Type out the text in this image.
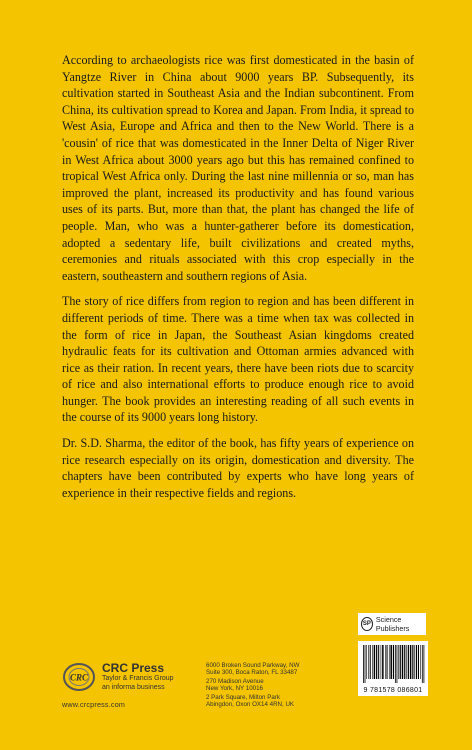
According to archaeologists rice was first domesticated in the basin of Yangtze River in China about 9000 years BP. Subsequently, its cultivation started in Southeast Asia and the Indian subcontinent. From China, its cultivation spread to Korea and Japan. From India, it spread to West Asia, Europe and Africa and then to the New World. There is a 'cousin' of rice that was domesticated in the Inner Delta of Niger River in West Africa about 3000 years ago but this has remained confined to tropical West Africa only. During the last nine millennia or so, man has improved the plant, increased its productivity and has found various uses of its parts. But, more than that, the plant has changed the life of people. Man, who was a hunter-gatherer before its domestication, adopted a sedentary life, built civilizations and created myths, ceremonies and rituals associated with this crop especially in the eastern, southeastern and southern regions of Asia.

The story of rice differs from region to region and has been different in different periods of time. There was a time when tax was collected in the form of rice in Japan, the Southeast Asian kingdoms created hydraulic feats for its cultivation and Ottoman armies advanced with rice as their ration. In recent years, there have been riots due to scarcity of rice and also international efforts to produce enough rice to avoid hunger. The book provides an interesting reading of all such events in the course of its 9000 years long history.

Dr. S.D. Sharma, the editor of the book, has fifty years of experience on rice research especially on its origin, domestication and diversity. The chapters have been contributed by experts who have long years of experience in their respective fields and regions.

SP Science Publishers
9 781578 086801
CRC
CRC Press
Taylor & Francis Group
an informa business
www.crcpress.com
6000 Broken Sound Parkway, NW
Suite 300, Boca Raton, FL 33487
270 Madison Avenue
New York, NY 10016
2 Park Square, Milton Park
Abingdon, Oxon OX14 4RN, UK
